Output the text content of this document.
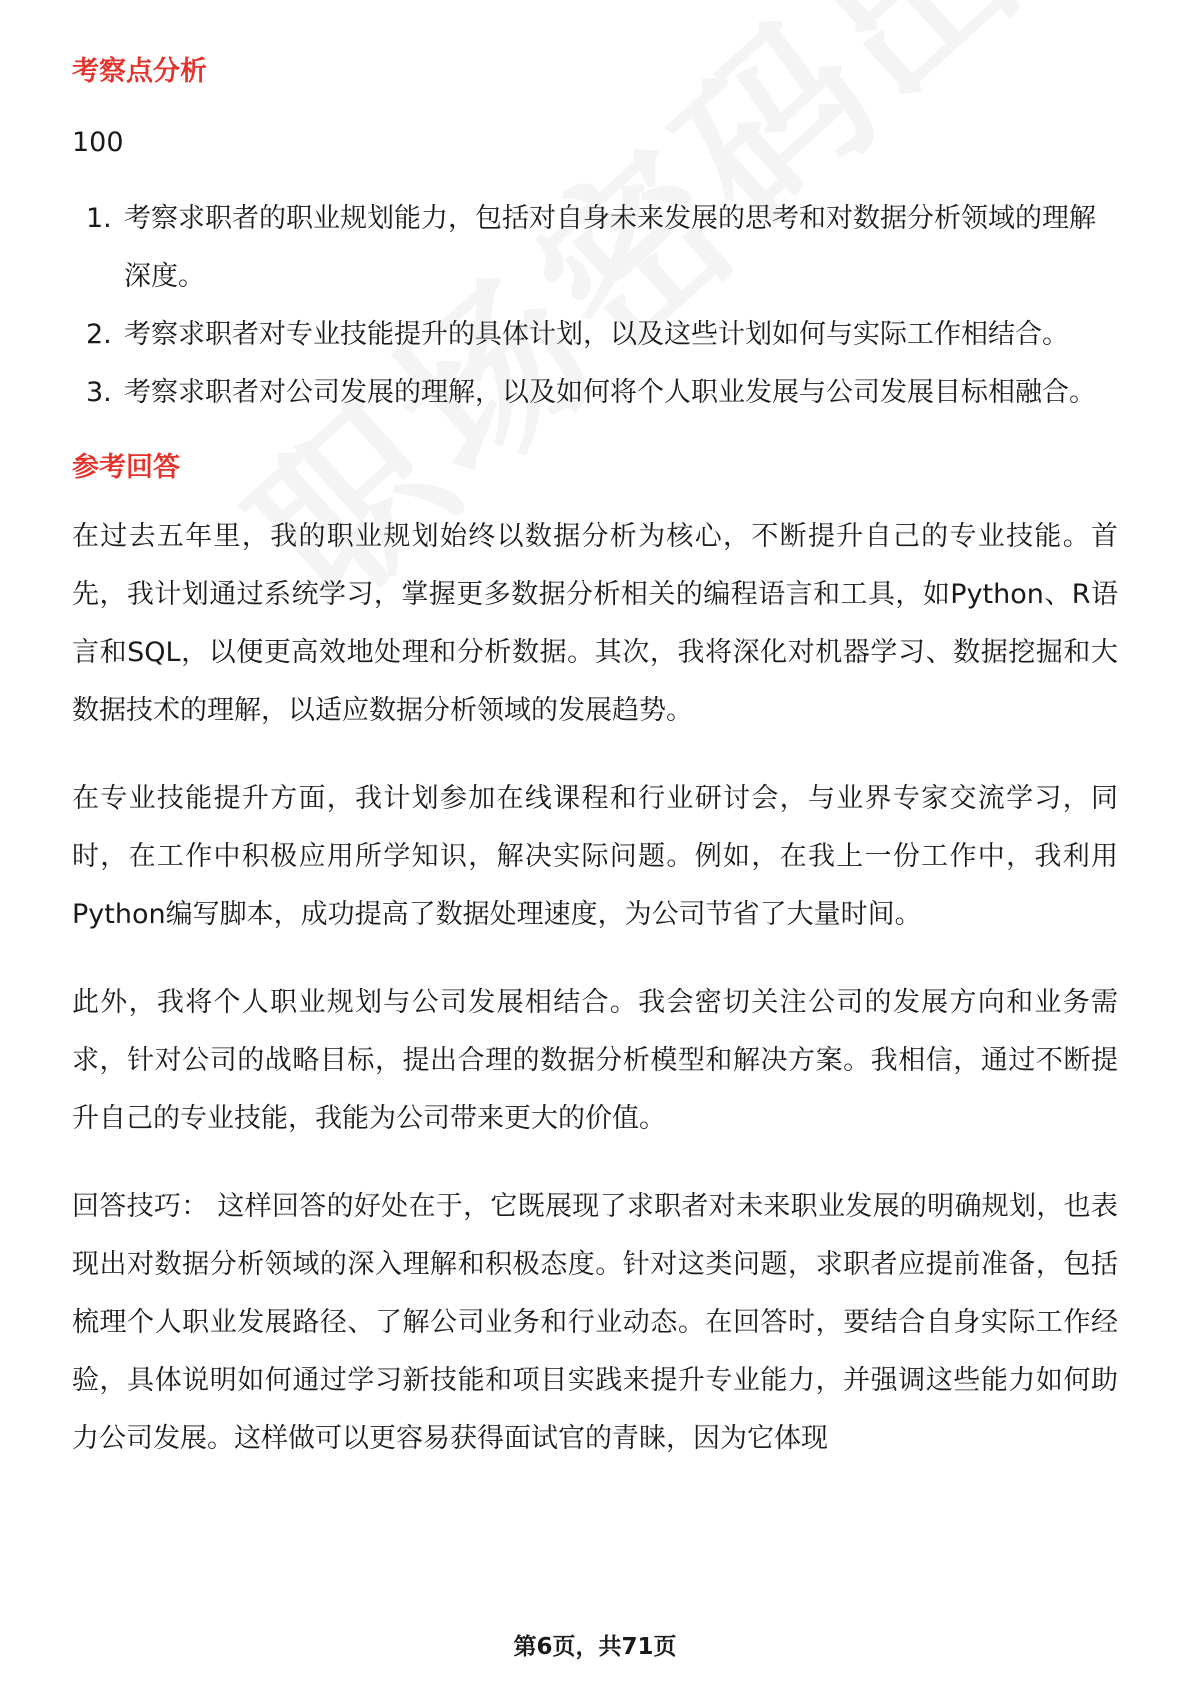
考察点分析
100
1. 考察求职者的职业规划能力，包括对自身未来发展的思考和对数据分析领域的理解深度。
2. 考察求职者对专业技能提升的具体计划，以及这些计划如何与实际工作相结合。
3. 考察求职者对公司发展的理解，以及如何将个人职业发展与公司发展目标相融合。
参考回答

在过去五年里，我的职业规划始终以数据分析为核心，不断提升自己的专业技能。首先，我计划通过系统学习，掌握更多数据分析相关的编程语言和工具，如Python、R语言和SQL，以便更高效地处理和分析数据。其次，我将深化对机器学习、数据挖掘和大数据技术的理解，以适应数据分析领域的发展趋势。

在专业技能提升方面，我计划参加在线课程和行业研讨会，与业界专家交流学习，同时，在工作中积极应用所学知识，解决实际问题。例如，在我上一份工作中，我利用Python编写脚本，成功提高了数据处理速度，为公司节省了大量时间。

此外，我将个人职业规划与公司发展相结合。我会密切关注公司的发展方向和业务需求，针对公司的战略目标，提出合理的数据分析模型和解决方案。我相信，通过不断提升自己的专业技能，我能为公司带来更大的价值。

回答技巧： 这样回答的好处在于，它既展现了求职者对未来职业发展的明确规划，也表现出对数据分析领域的深入理解和积极态度。针对这类问题，求职者应提前准备，包括梳理个人职业发展路径、了解公司业务和行业动态。在回答时，要结合自身实际工作经验，具体说明如何通过学习新技能和项目实践来提升专业能力，并强调这些能力如何助力公司发展。这样做可以更容易获得面试官的青睐，因为它体现

第6页，共71页
